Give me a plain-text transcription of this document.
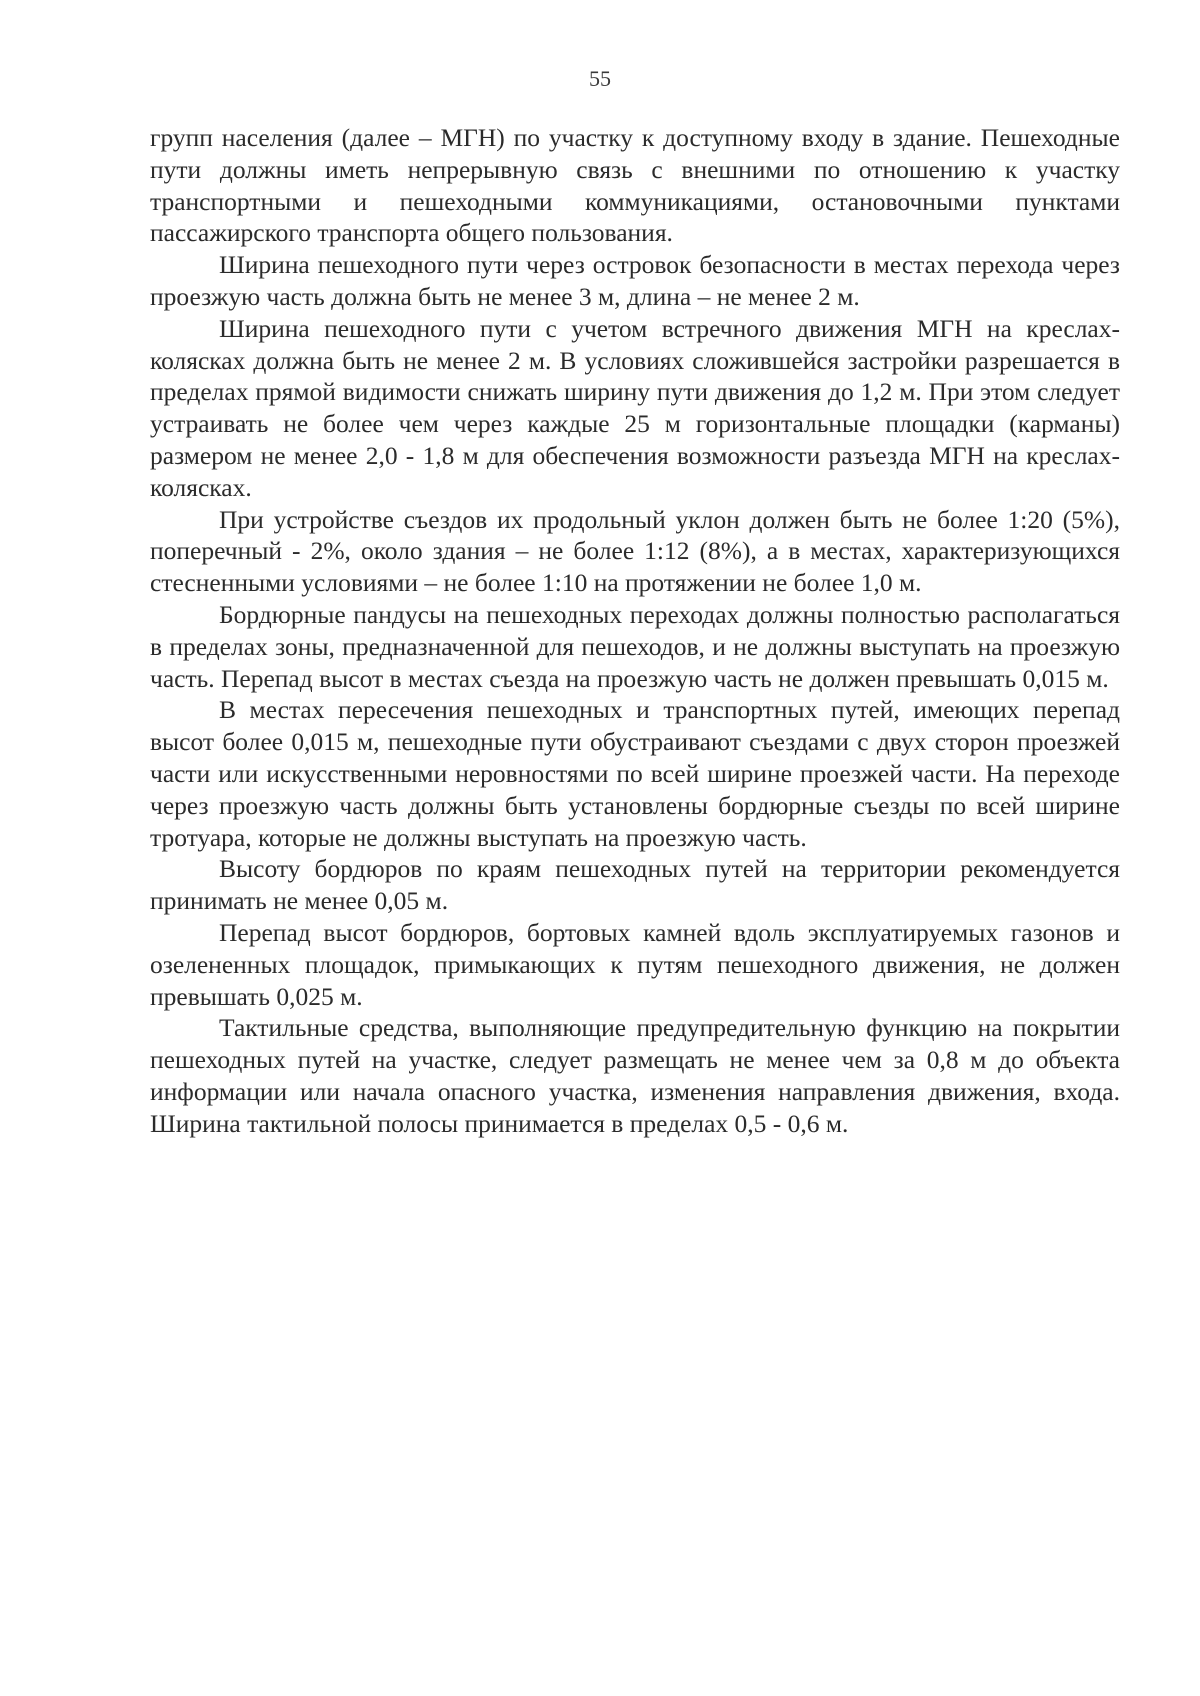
55

групп населения (далее – МГН) по участку к доступному входу в здание. Пешеходные пути должны иметь непрерывную связь с внешними по отношению к участку транспортными и пешеходными коммуникациями, остановочными пунктами пассажирского транспорта общего пользования.

Ширина пешеходного пути через островок безопасности в местах перехода через проезжую часть должна быть не менее 3 м, длина – не менее 2 м.

Ширина пешеходного пути с учетом встречного движения МГН на креслах-колясках должна быть не менее 2 м. В условиях сложившейся застройки разрешается в пределах прямой видимости снижать ширину пути движения до 1,2 м. При этом следует устраивать не более чем через каждые 25 м горизонтальные площадки (карманы) размером не менее 2,0 - 1,8 м для обеспечения возможности разъезда МГН на креслах-колясках.

При устройстве съездов их продольный уклон должен быть не более 1:20 (5%), поперечный - 2%, около здания – не более 1:12 (8%), а в местах, характеризующихся стесненными условиями – не более 1:10 на протяжении не более 1,0 м.

Бордюрные пандусы на пешеходных переходах должны полностью располагаться в пределах зоны, предназначенной для пешеходов, и не должны выступать на проезжую часть. Перепад высот в местах съезда на проезжую часть не должен превышать 0,015 м.

В местах пересечения пешеходных и транспортных путей, имеющих перепад высот более 0,015 м, пешеходные пути обустраивают съездами с двух сторон проезжей части или искусственными неровностями по всей ширине проезжей части. На переходе через проезжую часть должны быть установлены бордюрные съезды по всей ширине тротуара, которые не должны выступать на проезжую часть.

Высоту бордюров по краям пешеходных путей на территории рекомендуется принимать не менее 0,05 м.

Перепад высот бордюров, бортовых камней вдоль эксплуатируемых газонов и озелененных площадок, примыкающих к путям пешеходного движения, не должен превышать 0,025 м.

Тактильные средства, выполняющие предупредительную функцию на покрытии пешеходных путей на участке, следует размещать не менее чем за 0,8 м до объекта информации или начала опасного участка, изменения направления движения, входа. Ширина тактильной полосы принимается в пределах 0,5 - 0,6 м.
